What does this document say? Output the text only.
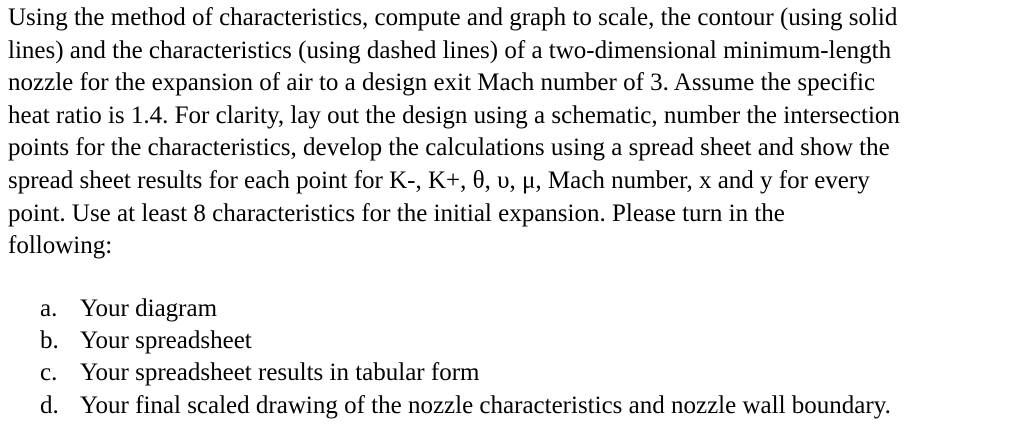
Using the method of characteristics, compute and graph to scale, the contour (using solid
lines) and the characteristics (using dashed lines) of a two-dimensional minimum-length
nozzle for the expansion of air to a design exit Mach number of 3. Assume the specific
heat ratio is 1.4. For clarity, lay out the design using a schematic, number the intersection
points for the characteristics, develop the calculations using a spread sheet and show the
spread sheet results for each point for K-, K+, θ, υ, μ, Mach number, x and y for every
point. Use at least 8 characteristics for the initial expansion. Please turn in the
following:

a. Your diagram
b. Your spreadsheet
c. Your spreadsheet results in tabular form
d. Your final scaled drawing of the nozzle characteristics and nozzle wall boundary.
